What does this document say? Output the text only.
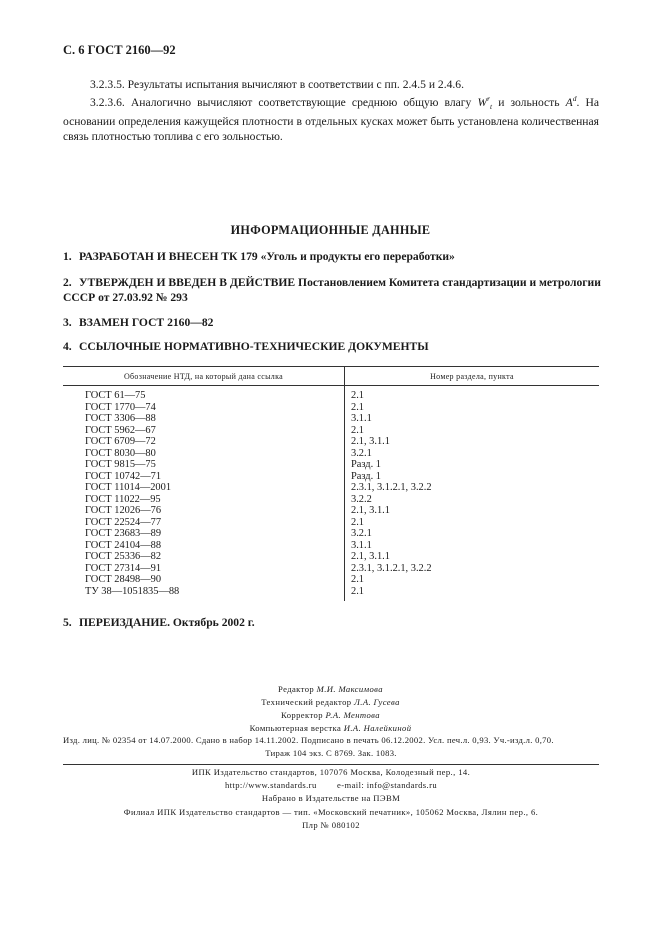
С. 6 ГОСТ 2160—92
3.2.3.5. Результаты испытания вычисляют в соответствии с пп. 2.4.5 и 2.4.6.
3.2.3.6. Аналогично вычисляют соответствующие среднюю общую влагу $W^r_t$ и зольность $A^d$. На основании определения кажущейся плотности в отдельных кусках может быть установлена количественная связь плотностью топлива с его зольностью.
ИНФОРМАЦИОННЫЕ ДАННЫЕ
1. РАЗРАБОТАН И ВНЕСЕН ТК 179 «Уголь и продукты его переработки»
2. УТВЕРЖДЕН И ВВЕДЕН В ДЕЙСТВИЕ Постановлением Комитета стандартизации и метрологии СССР от 27.03.92 № 293
3. ВЗАМЕН ГОСТ 2160—82
4. ССЫЛОЧНЫЕ НОРМАТИВНО-ТЕХНИЧЕСКИЕ ДОКУМЕНТЫ
Обозначение НТД, на который дана ссылка	Номер раздела, пункта
ГОСТ 61—75	2.1
ГОСТ 1770—74	2.1
ГОСТ 3306—88	3.1.1
ГОСТ 5962—67	2.1
ГОСТ 6709—72	2.1, 3.1.1
ГОСТ 8030—80	3.2.1
ГОСТ 9815—75	Разд. 1
ГОСТ 10742—71	Разд. 1
ГОСТ 11014—2001	2.3.1, 3.1.2.1, 3.2.2
ГОСТ 11022—95	3.2.2
ГОСТ 12026—76	2.1, 3.1.1
ГОСТ 22524—77	2.1
ГОСТ 23683—89	3.2.1
ГОСТ 24104—88	3.1.1
ГОСТ 25336—82	2.1, 3.1.1
ГОСТ 27314—91	2.3.1, 3.1.2.1, 3.2.2
ГОСТ 28498—90	2.1
ТУ 38—1051835—88	2.1
5. ПЕРЕИЗДАНИЕ. Октябрь 2002 г.
Редактор М.И. Максимова
Технический редактор Л.А. Гусева
Корректор Р.А. Ментова
Компьютерная верстка И.А. Налейкиной
Изд. лиц. № 02354 от 14.07.2000. Сдано в набор 14.11.2002. Подписано в печать 06.12.2002. Усл. печ.л. 0,93. Уч.-изд.л. 0,70.
Тираж 104 экз. С 8769. Зак. 1083.
ИПК Издательство стандартов, 107076 Москва, Колодезный пер., 14.
http://www.standards.ru        e-mail: info@standards.ru
Набрано в Издательстве на ПЭВМ
Филиал ИПК Издательство стандартов — тип. «Московский печатник», 105062 Москва, Лялин пер., 6.
Плр № 080102
